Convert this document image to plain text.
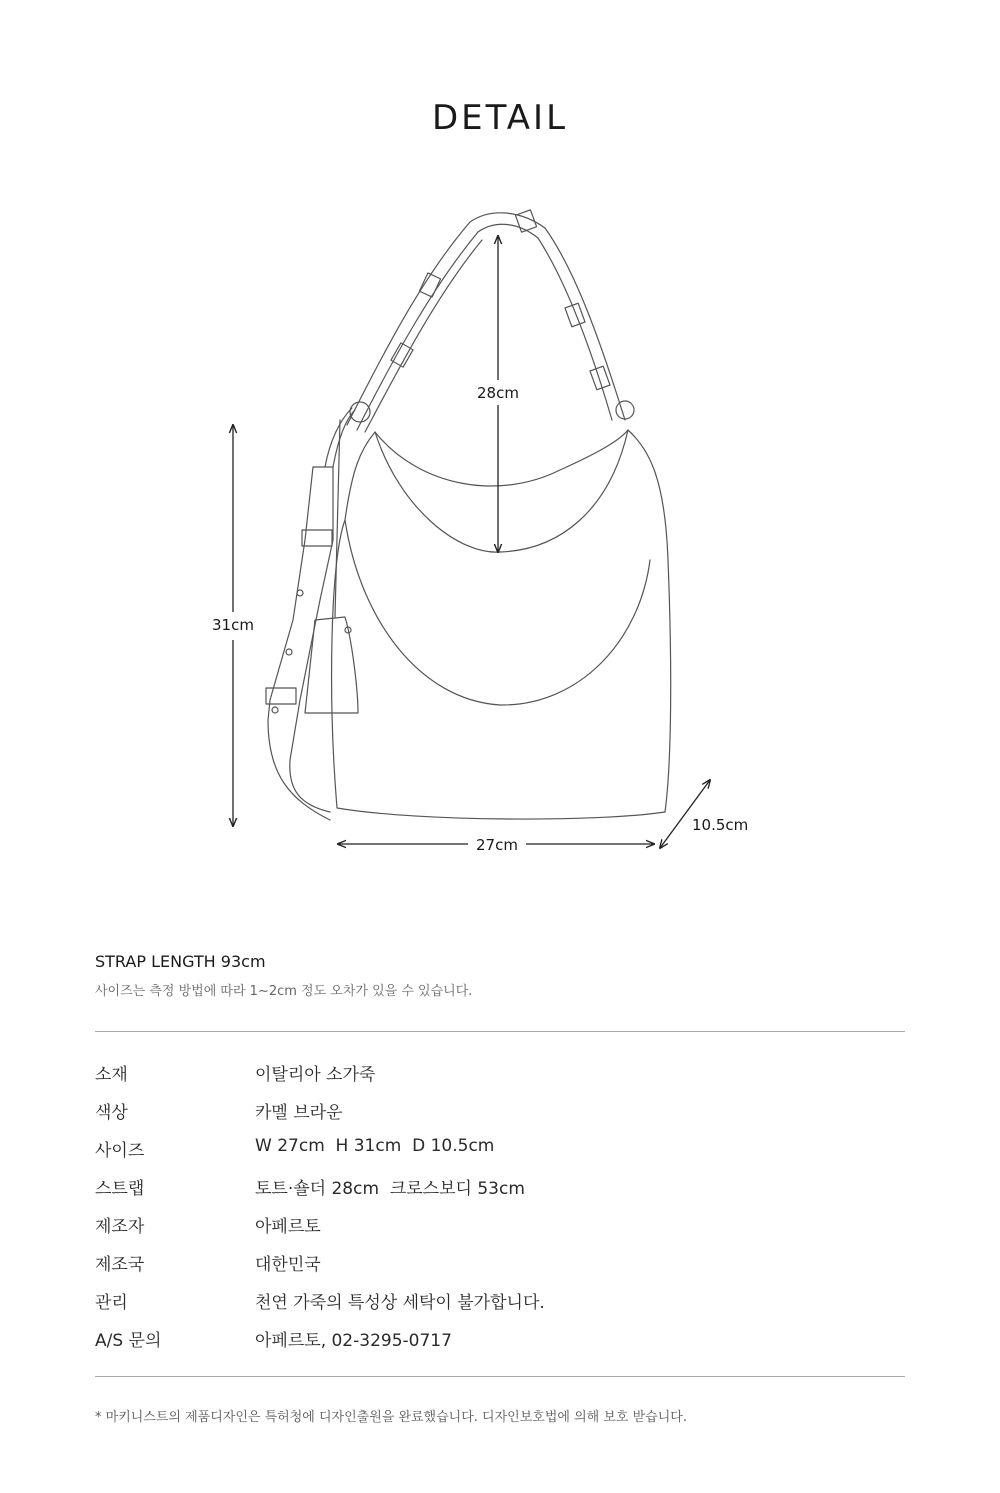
DETAIL
31cm
28cm
27cm
10.5cm
STRAP LENGTH 93cm
사이즈는 측정 방법에 따라 1~2cm 정도 오차가 있을 수 있습니다.
소재	이탈리아 소가죽
색상	카멜 브라운
사이즈	W 27cm  H 31cm  D 10.5cm
스트랩	토트·숄더 28cm  크로스보디 53cm
제조자	아페르토
제조국	대한민국
관리	천연 가죽의 특성상 세탁이 불가합니다.
A/S 문의	아페르토, 02-3295-0717
* 마키니스트의 제품디자인은 특허청에 디자인출원을 완료했습니다. 디자인보호법에 의해 보호 받습니다.
